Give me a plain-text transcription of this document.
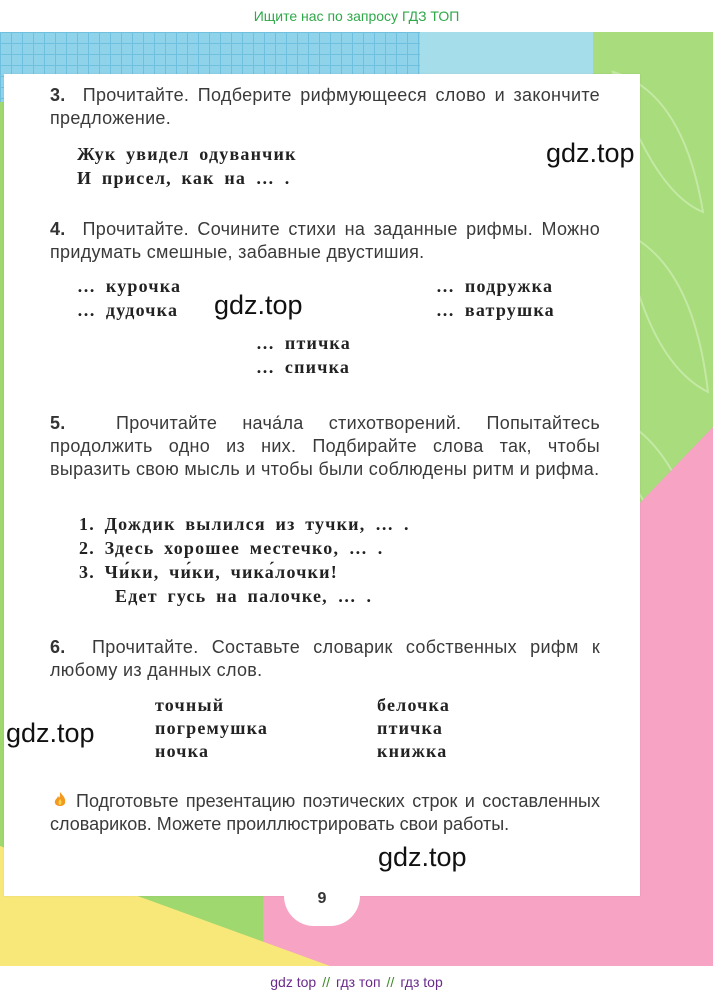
Ищите нас по запросу ГДЗ ТОП
9
3. Прочитайте. Подберите рифмующееся слово и закончите предложение.
Жук увидел одуванчик
И присел, как на … .
4. Прочитайте. Сочините стихи на заданные рифмы. Можно придумать смешные, забавные двустишия.
… курочка
… дудочка
… подружка
… ватрушка
… птичка
… спичка
5.	Прочитайте нача́ла стихотворений. Попытайтесь продолжить одно из них. Подбирайте слова так, чтобы выразить свою мысль и чтобы были соблюдены ритм и рифма.
1. Дождик вылился из тучки, … .
2. Здесь хорошее местечко, … .
3. Чи́ки, чи́ки, чика́лочки!
Едет гусь на палочке, … .
6. Прочитайте. Составьте словарик собственных рифм к любому из данных слов.
точный
погремушка
ночка
белочка
птичка
книжка
Подготовьте презентацию поэтических строк и составленных словариков. Можете проиллюстрировать свои работы.
gdz.top
gdz.top
gdz.top
gdz.top
gdz top // гдз топ // гдз top
